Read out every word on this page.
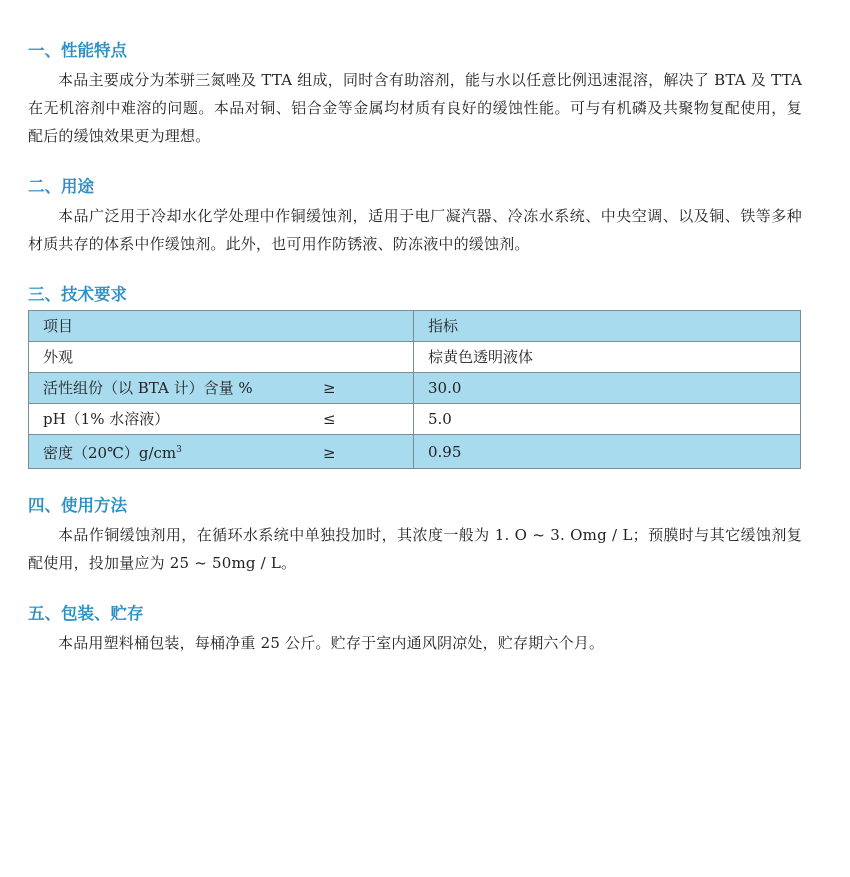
一、性能特点

本品主要成分为苯骈三氮唑及 TTA 组成，同时含有助溶剂，能与水以任意比例迅速混溶，解决了 BTA 及 TTA 在无机溶剂中难溶的问题。本品对铜、铝合金等金属均材质有良好的缓蚀性能。可与有机磷及共聚物复配使用，复配后的缓蚀效果更为理想。

二、用途

本品广泛用于冷却水化学处理中作铜缓蚀剂，适用于电厂凝汽器、冷冻水系统、中央空调、以及铜、铁等多种材质共存的体系中作缓蚀剂。此外，也可用作防锈液、防冻液中的缓蚀剂。

三、技术要求
项目	指标
外观	棕黄色透明液体
活性组份（以 BTA 计）含量 % ≥	30.0
pH（1% 水溶液） ≤	5.0
密度$(20℃)g/cm^3$ ≥	0.95
四、使用方法

本品作铜缓蚀剂用，在循环水系统中单独投加时，其浓度一般为 1. O ~ 3. Omg / L；预膜时与其它缓蚀剂复配使用，投加量应为 25 ~ 50mg / L。

五、包装、贮存

本品用塑料桶包装，每桶净重 25 公斤。贮存于室内通风阴凉处，贮存期六个月。
